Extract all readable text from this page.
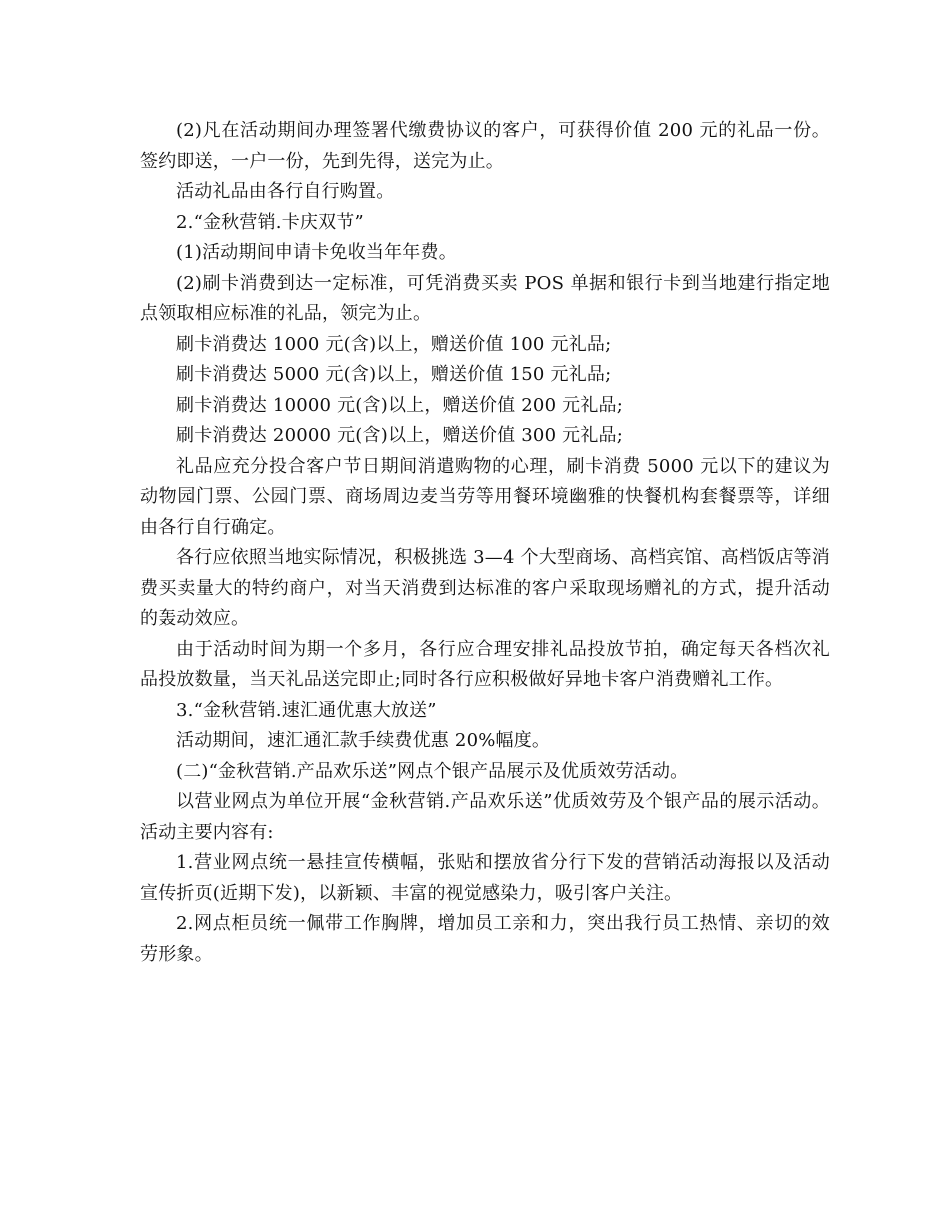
(2)凡在活动期间办理签署代缴费协议的客户，可获得价值 200 元的礼品一份。签约即送，一户一份，先到先得，送完为止。

活动礼品由各行自行购置。

2.“金秋营销.卡庆双节”

(1)活动期间申请卡免收当年年费。

(2)刷卡消费到达一定标准，可凭消费买卖 POS 单据和银行卡到当地建行指定地点领取相应标准的礼品，领完为止。

刷卡消费达 1000 元(含)以上，赠送价值 100 元礼品;

刷卡消费达 5000 元(含)以上，赠送价值 150 元礼品;

刷卡消费达 10000 元(含)以上，赠送价值 200 元礼品;

刷卡消费达 20000 元(含)以上，赠送价值 300 元礼品;

礼品应充分投合客户节日期间消遣购物的心理，刷卡消费 5000 元以下的建议为动物园门票、公园门票、商场周边麦当劳等用餐环境幽雅的快餐机构套餐票等，详细由各行自行确定。

各行应依照当地实际情况，积极挑选 3—4 个大型商场、高档宾馆、高档饭店等消费买卖量大的特约商户，对当天消费到达标准的客户采取现场赠礼的方式，提升活动的轰动效应。

由于活动时间为期一个多月，各行应合理安排礼品投放节拍，确定每天各档次礼品投放数量，当天礼品送完即止;同时各行应积极做好异地卡客户消费赠礼工作。

3.“金秋营销.速汇通优惠大放送”

活动期间，速汇通汇款手续费优惠 20%幅度。

(二)“金秋营销.产品欢乐送”网点个银产品展示及优质效劳活动。

以营业网点为单位开展“金秋营销.产品欢乐送”优质效劳及个银产品的展示活动。活动主要内容有:

1.营业网点统一悬挂宣传横幅，张贴和摆放省分行下发的营销活动海报以及活动宣传折页(近期下发)，以新颖、丰富的视觉感染力，吸引客户关注。

2.网点柜员统一佩带工作胸牌，增加员工亲和力，突出我行员工热情、亲切的效劳形象。
